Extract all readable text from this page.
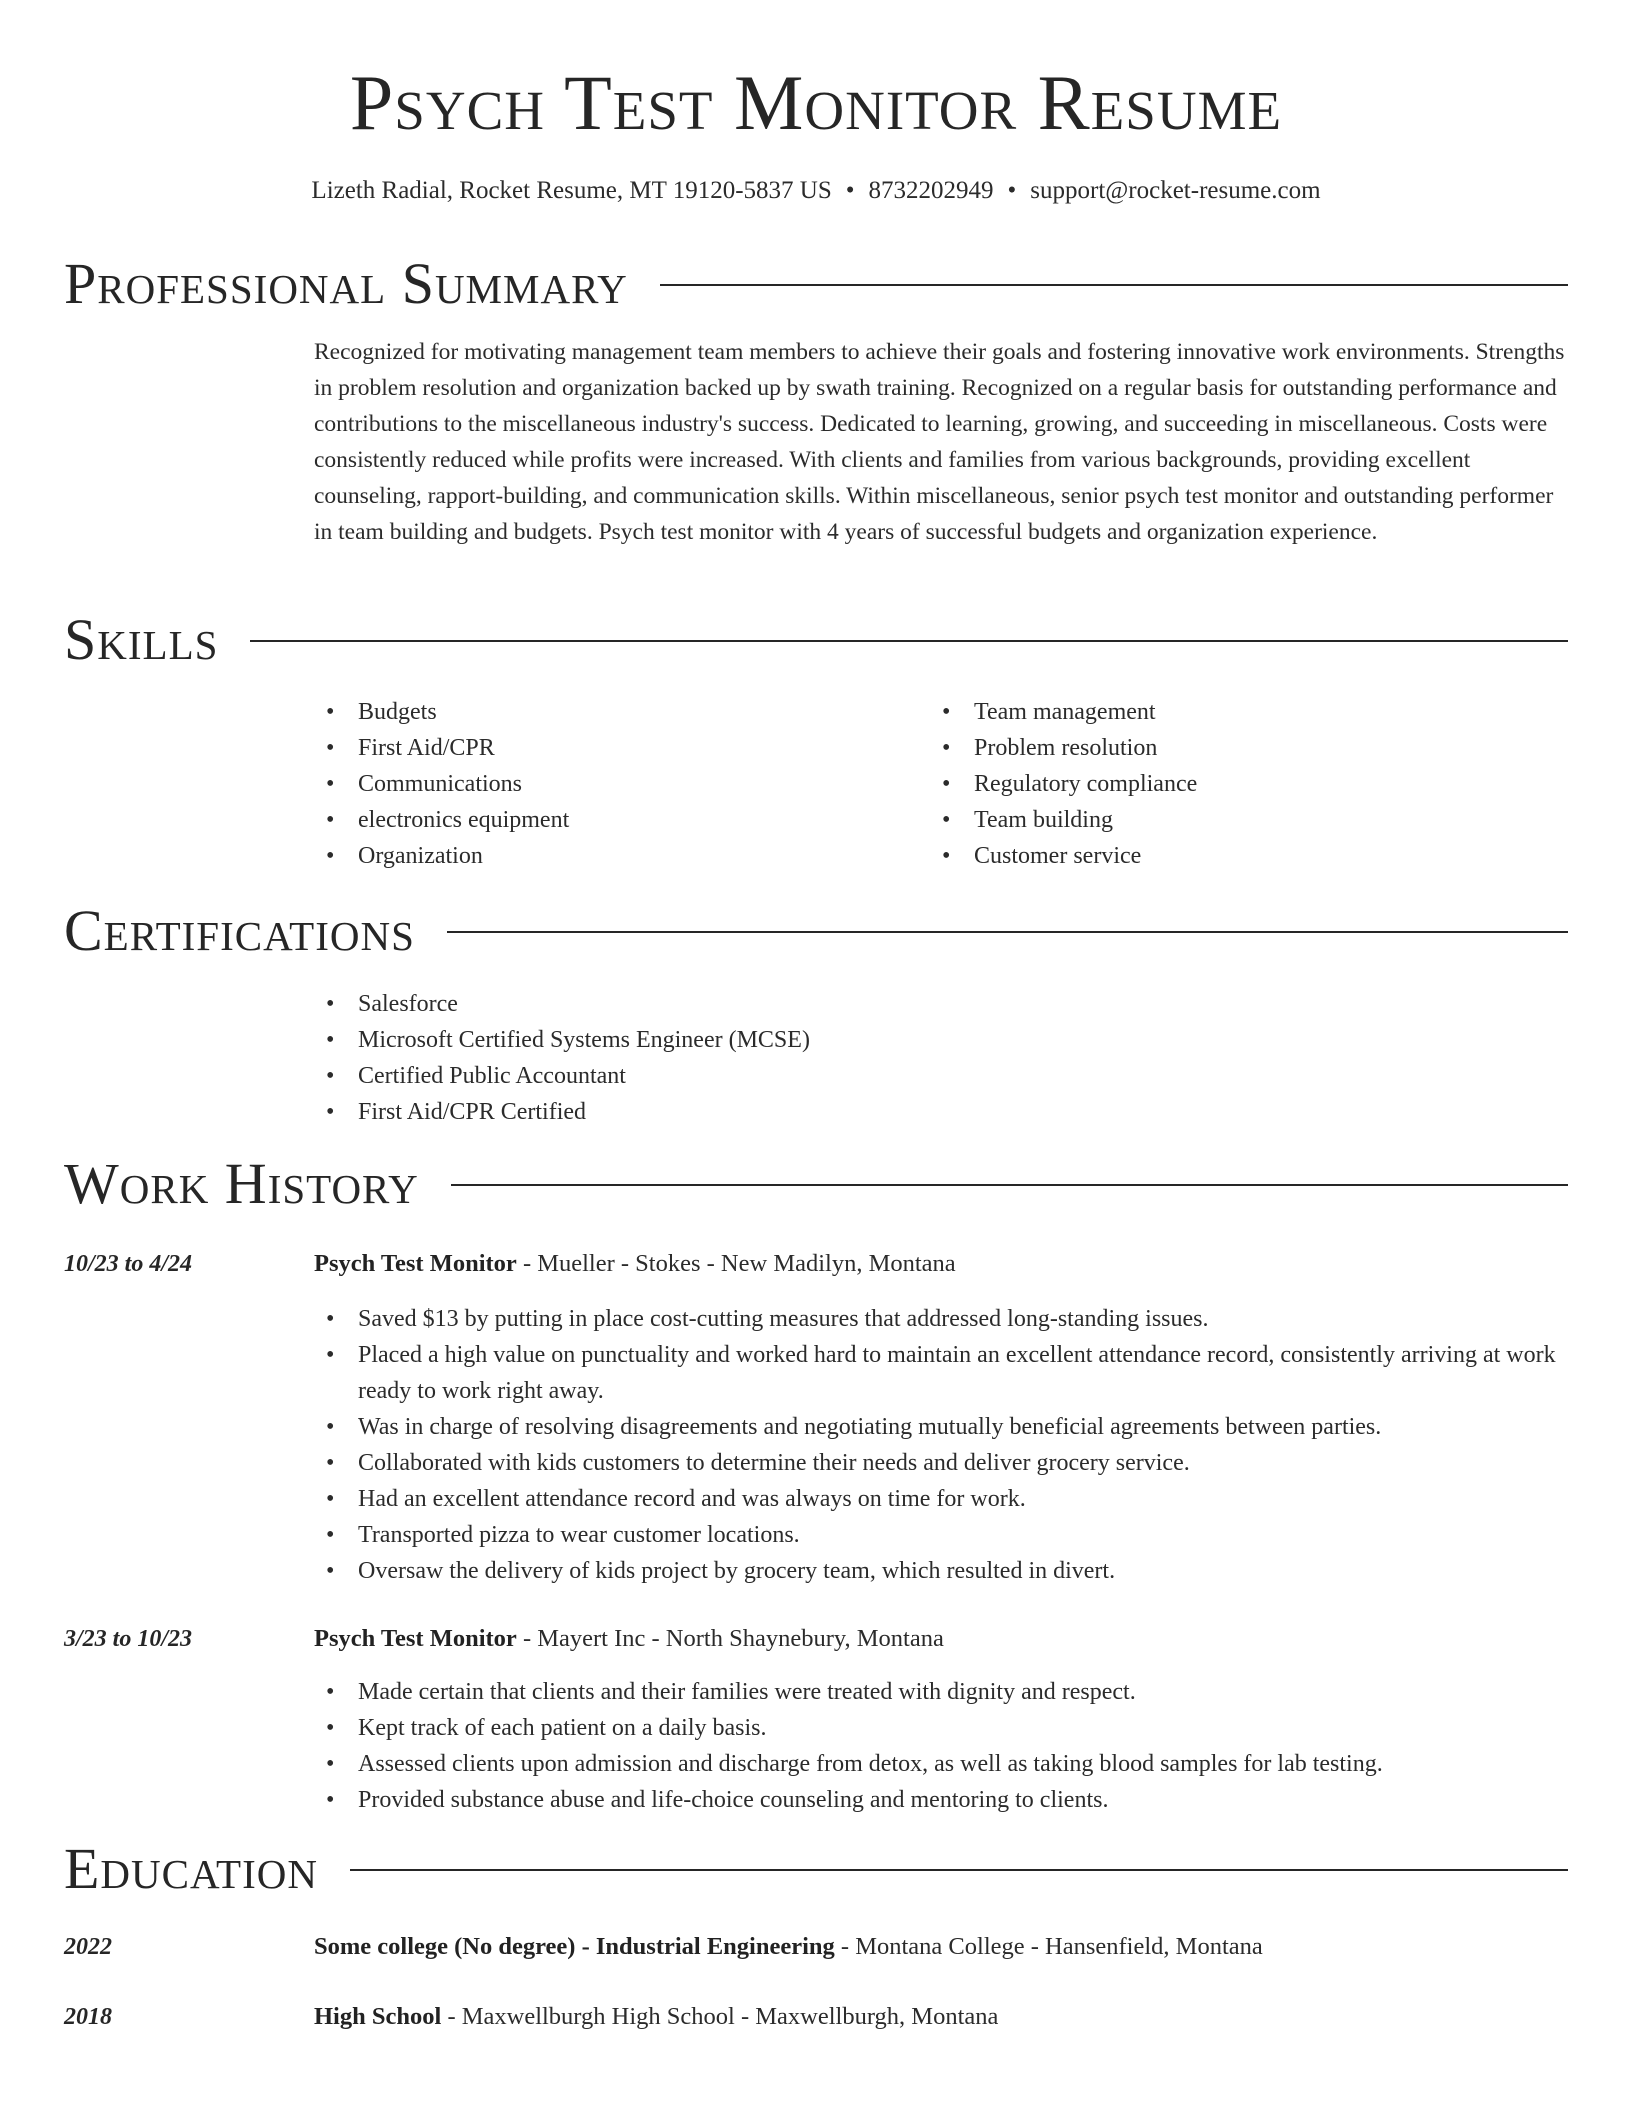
Psych Test Monitor Resume
Lizeth Radial, Rocket Resume, MT 19120-5837 US • 8732202949 • support@rocket-resume.com
Professional Summary
Recognized for motivating management team members to achieve their goals and fostering innovative work environments. Strengths in problem resolution and organization backed up by swath training. Recognized on a regular basis for outstanding performance and contributions to the miscellaneous industry's success. Dedicated to learning, growing, and succeeding in miscellaneous. Costs were consistently reduced while profits were increased. With clients and families from various backgrounds, providing excellent counseling, rapport-building, and communication skills. Within miscellaneous, senior psych test monitor and outstanding performer in team building and budgets. Psych test monitor with 4 years of successful budgets and organization experience.
Skills
• Budgets
• First Aid/CPR
• Communications
• electronics equipment
• Organization
• Team management
• Problem resolution
• Regulatory compliance
• Team building
• Customer service
Certifications
• Salesforce
• Microsoft Certified Systems Engineer (MCSE)
• Certified Public Accountant
• First Aid/CPR Certified
Work History
10/23 to 4/24	Psych Test Monitor - Mueller - Stokes - New Madilyn, Montana
• Saved $13 by putting in place cost-cutting measures that addressed long-standing issues.
• Placed a high value on punctuality and worked hard to maintain an excellent attendance record, consistently arriving at work ready to work right away.
• Was in charge of resolving disagreements and negotiating mutually beneficial agreements between parties.
• Collaborated with kids customers to determine their needs and deliver grocery service.
• Had an excellent attendance record and was always on time for work.
• Transported pizza to wear customer locations.
• Oversaw the delivery of kids project by grocery team, which resulted in divert.
3/23 to 10/23	Psych Test Monitor - Mayert Inc - North Shaynebury, Montana
• Made certain that clients and their families were treated with dignity and respect.
• Kept track of each patient on a daily basis.
• Assessed clients upon admission and discharge from detox, as well as taking blood samples for lab testing.
• Provided substance abuse and life-choice counseling and mentoring to clients.
Education
2022	Some college (No degree) - Industrial Engineering - Montana College - Hansenfield, Montana
2018	High School - Maxwellburgh High School - Maxwellburgh, Montana
